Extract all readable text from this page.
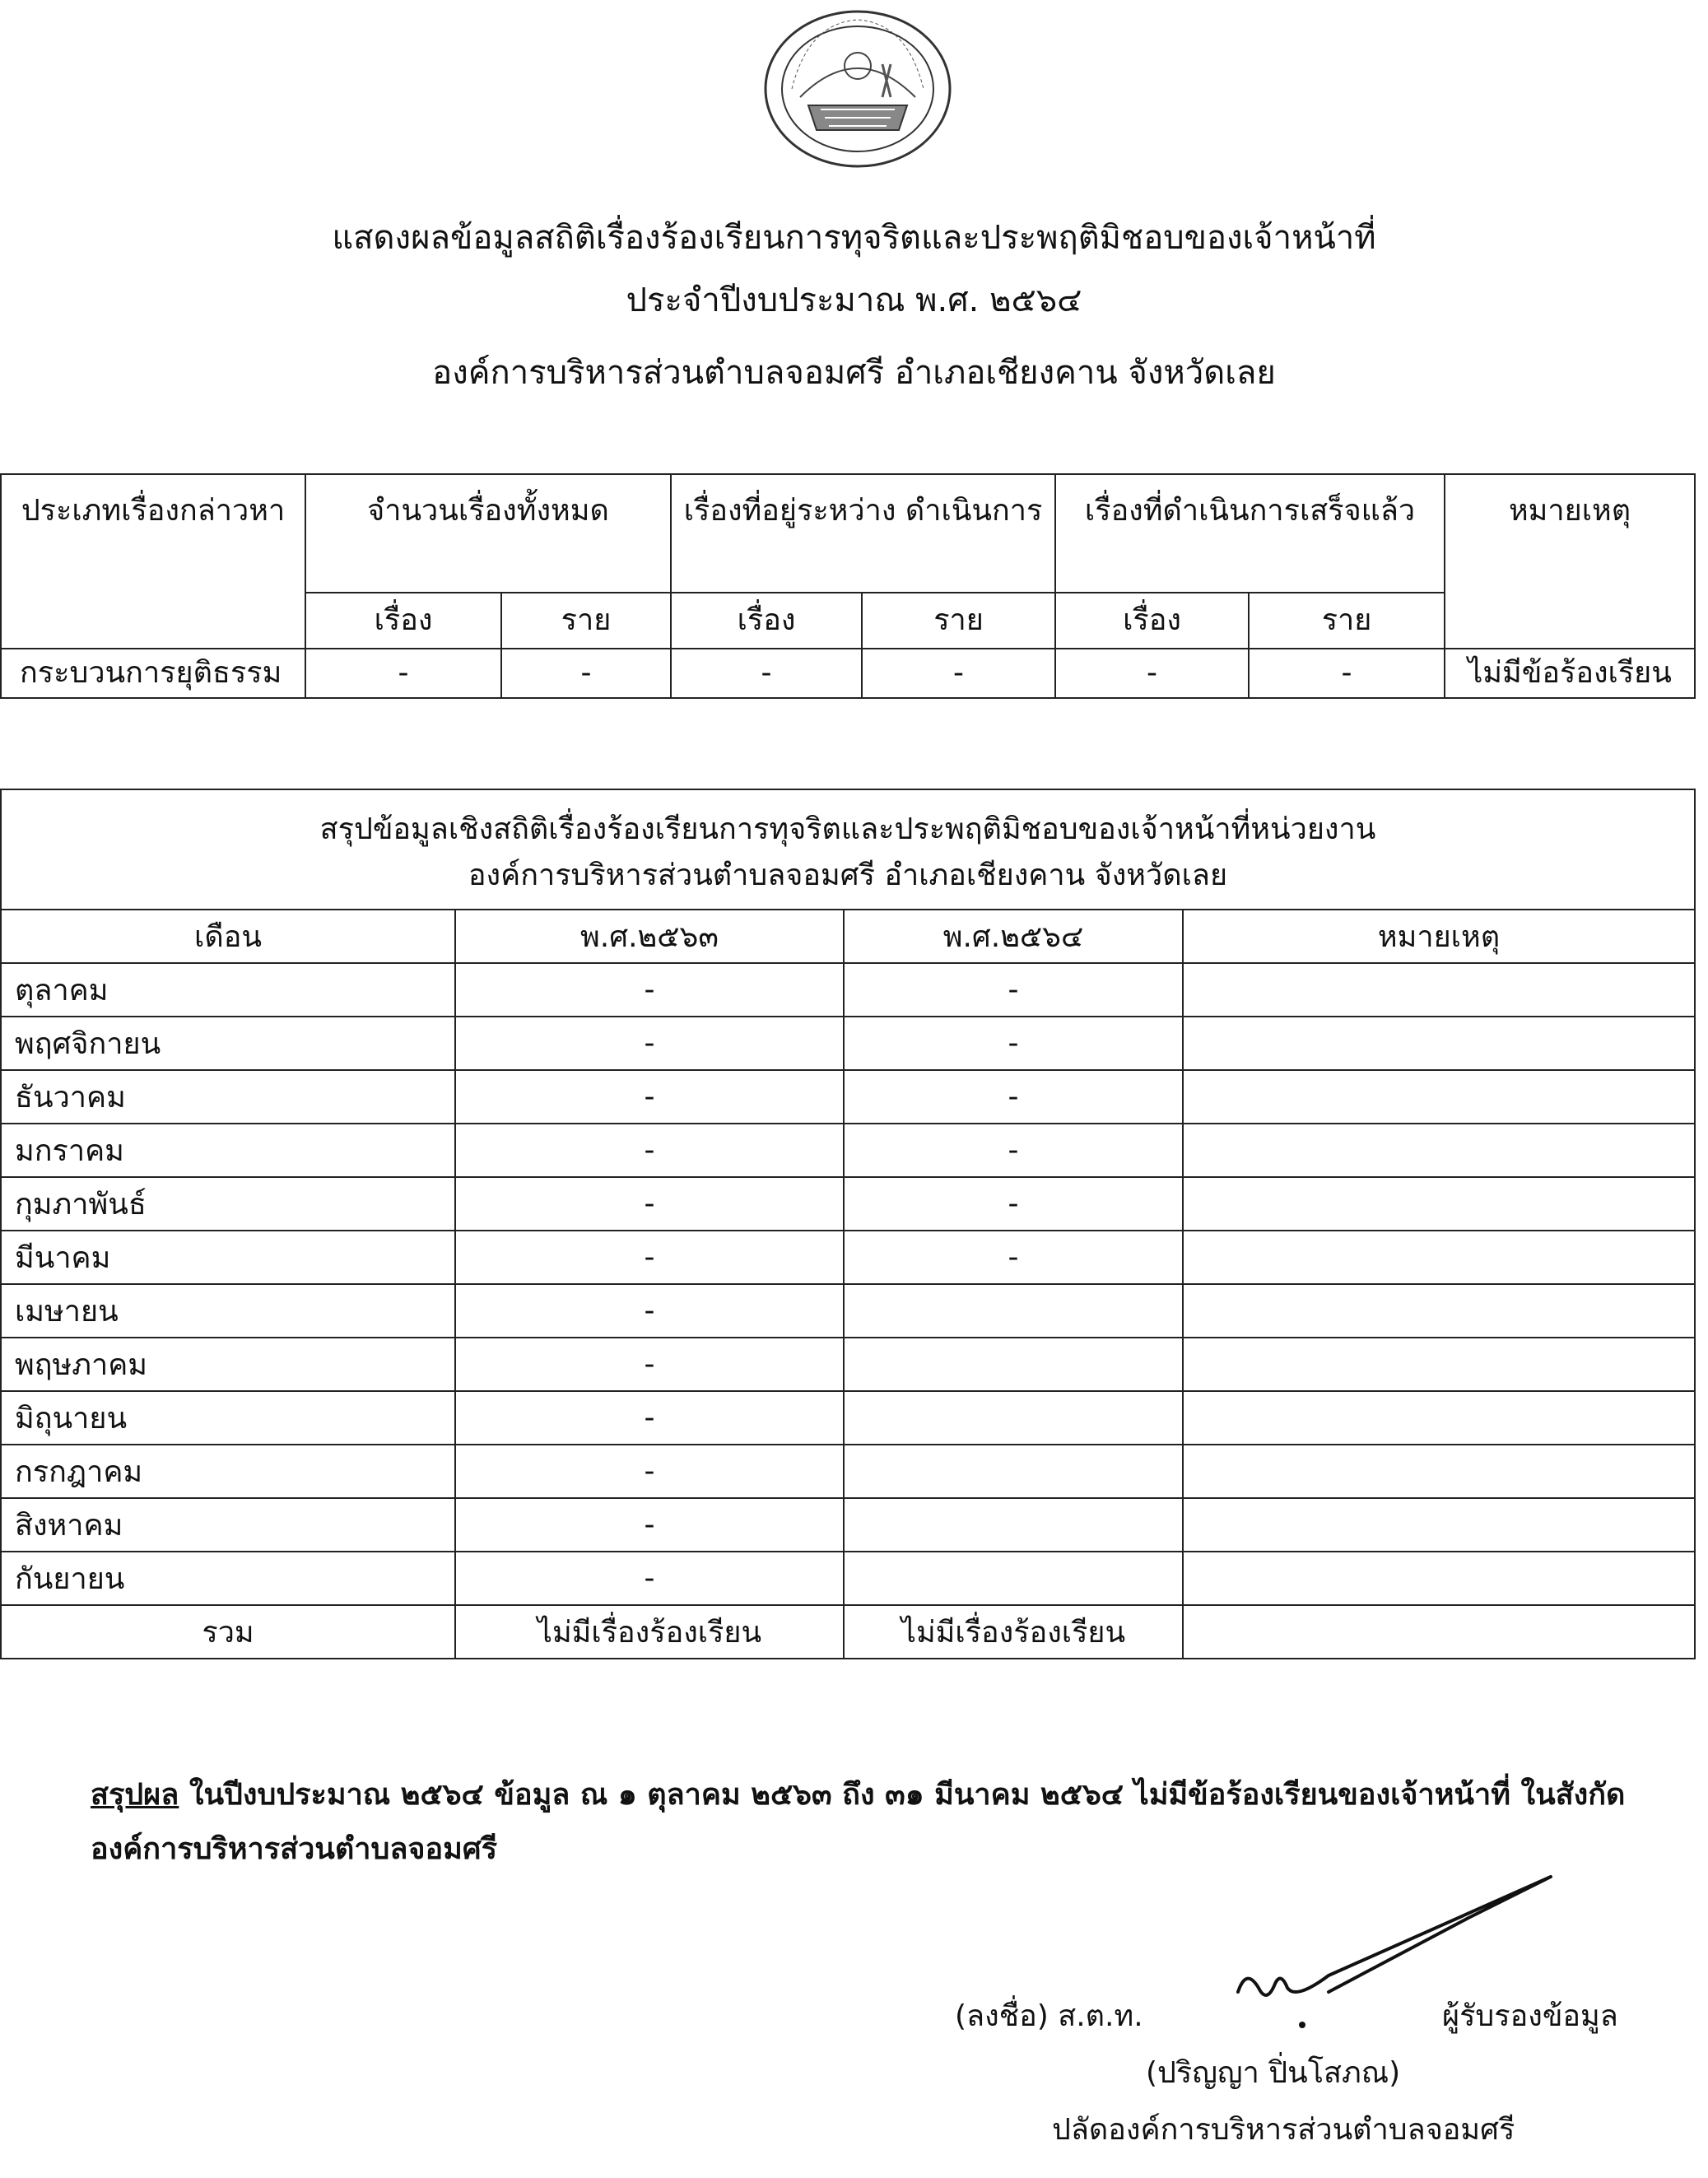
แสดงผลข้อมูลสถิติเรื่องร้องเรียนการทุจริตและประพฤติมิชอบของเจ้าหน้าที่
ประจำปีงบประมาณ พ.ศ. ๒๕๖๔
องค์การบริหารส่วนตำบลจอมศรี อำเภอเชียงคาน จังหวัดเลย
ประเภทเรื่องกล่าวหา	จำนวนเรื่องทั้งหมด		เรื่องที่อยู่ระหว่าง ดำเนินการ		เรื่องที่ดำเนินการเสร็จแล้ว		หมายเหตุ
	เรื่อง	ราย	เรื่อง	ราย	เรื่อง	ราย	
กระบวนการยุติธรรม	-	-	-	-	-	-	ไม่มีข้อร้องเรียน
สรุปข้อมูลเชิงสถิติเรื่องร้องเรียนการทุจริตและประพฤติมิชอบของเจ้าหน้าที่หน่วยงาน
องค์การบริหารส่วนตำบลจอมศรี อำเภอเชียงคาน จังหวัดเลย			

เดือน	พ.ศ.๒๕๖๓	พ.ศ.๒๕๖๔	หมายเหตุ
ตุลาคม	-	-	
พฤศจิกายน	-	-	
ธันวาคม	-	-	
มกราคม	-	-	
กุมภาพันธ์	-	-	
มีนาคม	-	-	
เมษายน	-		
พฤษภาคม	-		
มิถุนายน	-		
กรกฎาคม	-		
สิงหาคม	-		
กันยายน	-		
รวม	ไม่มีเรื่องร้องเรียน	ไม่มีเรื่องร้องเรียน	
สรุปผล ในปีงบประมาณ ๒๕๖๔ ข้อมูล ณ ๑ ตุลาคม ๒๕๖๓ ถึง ๓๑ มีนาคม ๒๕๖๔ ไม่มีข้อร้องเรียนของเจ้าหน้าที่ ในสังกัด องค์การบริหารส่วนตำบลจอมศรี
(ลงชื่อ) ส.ต.ท.	ผู้รับรองข้อมูล
(ปริญญา ปิ่นโสภณ)
ปลัดองค์การบริหารส่วนตำบลจอมศรี
